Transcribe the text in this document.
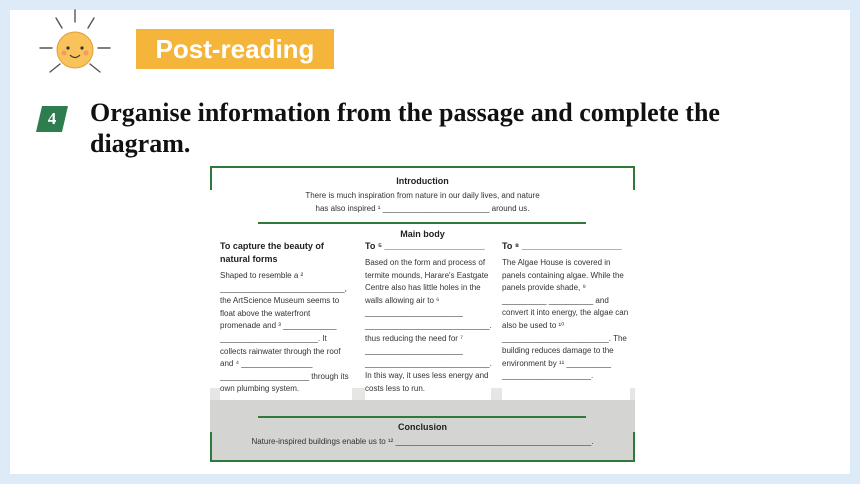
Post-reading
4	Organise information from the passage and complete the diagram.
Introduction
There is much inspiration from nature in our daily lives, and nature
has also inspired ¹ ________________________ around us.
Main body
To capture the beauty of natural forms
Shaped to resemble a ² ____________________________, the ArtScience Museum seems to float above the waterfront promenade and ³ ____________ ______________________. It collects rainwater through the roof and ⁴ ________________ ____________________ through its own plumbing system.
To ⁵ ____________________
Based on the form and process of termite mounds, Harare's Eastgate Centre also has little holes in the walls allowing air to ⁶ ______________________ ____________________________. thus reducing the need for ⁷ ______________________ ____________________________. In this way, it uses less energy and costs less to run.
To ⁸ ____________________
The Algae House is covered in panels containing algae. While the panels provide shade, ⁹ __________ __________ and convert it into energy, the algae can also be used to ¹⁰ ________________________. The building reduces damage to the environment by ¹¹ __________ ____________________.
Conclusion
Nature-inspired buildings enable us to ¹² ____________________________________________.
